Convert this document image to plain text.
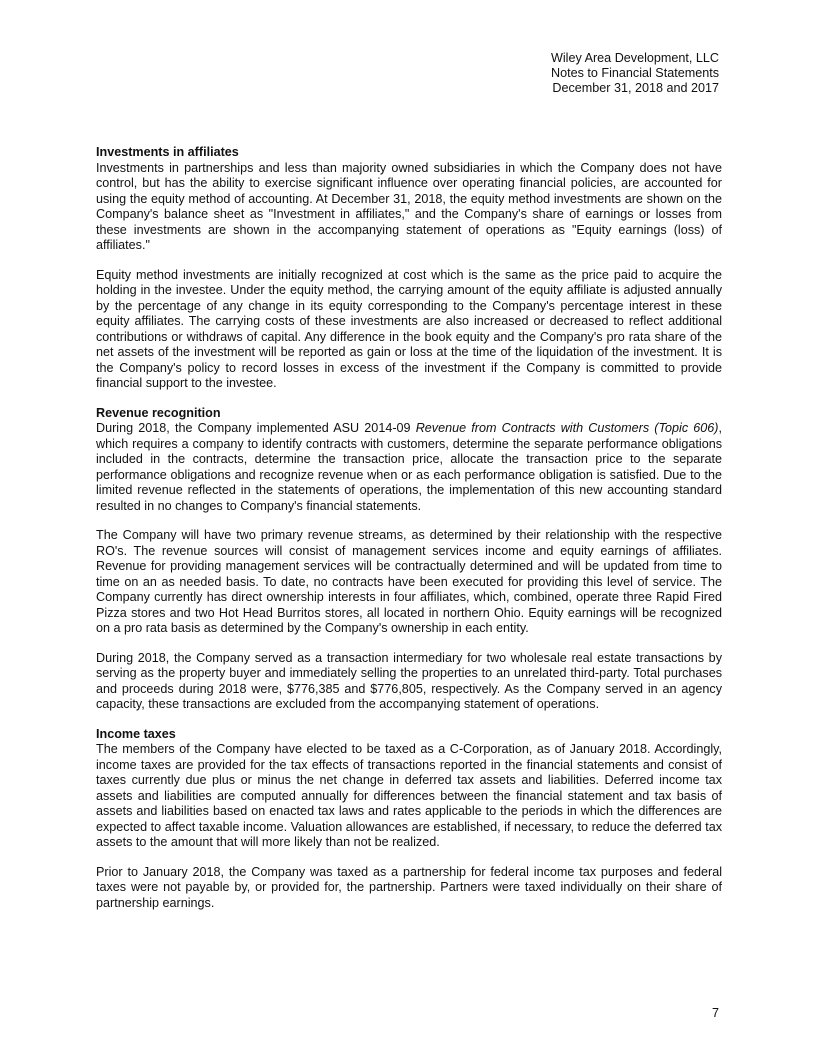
Wiley Area Development, LLC
Notes to Financial Statements
December 31, 2018 and 2017

Investments in affiliates

Investments in partnerships and less than majority owned subsidiaries in which the Company does not have control, but has the ability to exercise significant influence over operating financial policies, are accounted for using the equity method of accounting. At December 31, 2018, the equity method investments are shown on the Company's balance sheet as "Investment in affiliates," and the Company's share of earnings or losses from these investments are shown in the accompanying statement of operations as "Equity earnings (loss) of affiliates."

Equity method investments are initially recognized at cost which is the same as the price paid to acquire the holding in the investee. Under the equity method, the carrying amount of the equity affiliate is adjusted annually by the percentage of any change in its equity corresponding to the Company's percentage interest in these equity affiliates. The carrying costs of these investments are also increased or decreased to reflect additional contributions or withdraws of capital. Any difference in the book equity and the Company's pro rata share of the net assets of the investment will be reported as gain or loss at the time of the liquidation of the investment. It is the Company's policy to record losses in excess of the investment if the Company is committed to provide financial support to the investee.

Revenue recognition

During 2018, the Company implemented ASU 2014-09 Revenue from Contracts with Customers (Topic 606), which requires a company to identify contracts with customers, determine the separate performance obligations included in the contracts, determine the transaction price, allocate the transaction price to the separate performance obligations and recognize revenue when or as each performance obligation is satisfied. Due to the limited revenue reflected in the statements of operations, the implementation of this new accounting standard resulted in no changes to Company's financial statements.

The Company will have two primary revenue streams, as determined by their relationship with the respective RO's. The revenue sources will consist of management services income and equity earnings of affiliates. Revenue for providing management services will be contractually determined and will be updated from time to time on an as needed basis. To date, no contracts have been executed for providing this level of service. The Company currently has direct ownership interests in four affiliates, which, combined, operate three Rapid Fired Pizza stores and two Hot Head Burritos stores, all located in northern Ohio. Equity earnings will be recognized on a pro rata basis as determined by the Company's ownership in each entity.

During 2018, the Company served as a transaction intermediary for two wholesale real estate transactions by serving as the property buyer and immediately selling the properties to an unrelated third-party. Total purchases and proceeds during 2018 were, $776,385 and $776,805, respectively. As the Company served in an agency capacity, these transactions are excluded from the accompanying statement of operations.

Income taxes

The members of the Company have elected to be taxed as a C-Corporation, as of January 2018. Accordingly, income taxes are provided for the tax effects of transactions reported in the financial statements and consist of taxes currently due plus or minus the net change in deferred tax assets and liabilities. Deferred income tax assets and liabilities are computed annually for differences between the financial statement and tax basis of assets and liabilities based on enacted tax laws and rates applicable to the periods in which the differences are expected to affect taxable income. Valuation allowances are established, if necessary, to reduce the deferred tax assets to the amount that will more likely than not be realized.

Prior to January 2018, the Company was taxed as a partnership for federal income tax purposes and federal taxes were not payable by, or provided for, the partnership. Partners were taxed individually on their share of partnership earnings.

7
